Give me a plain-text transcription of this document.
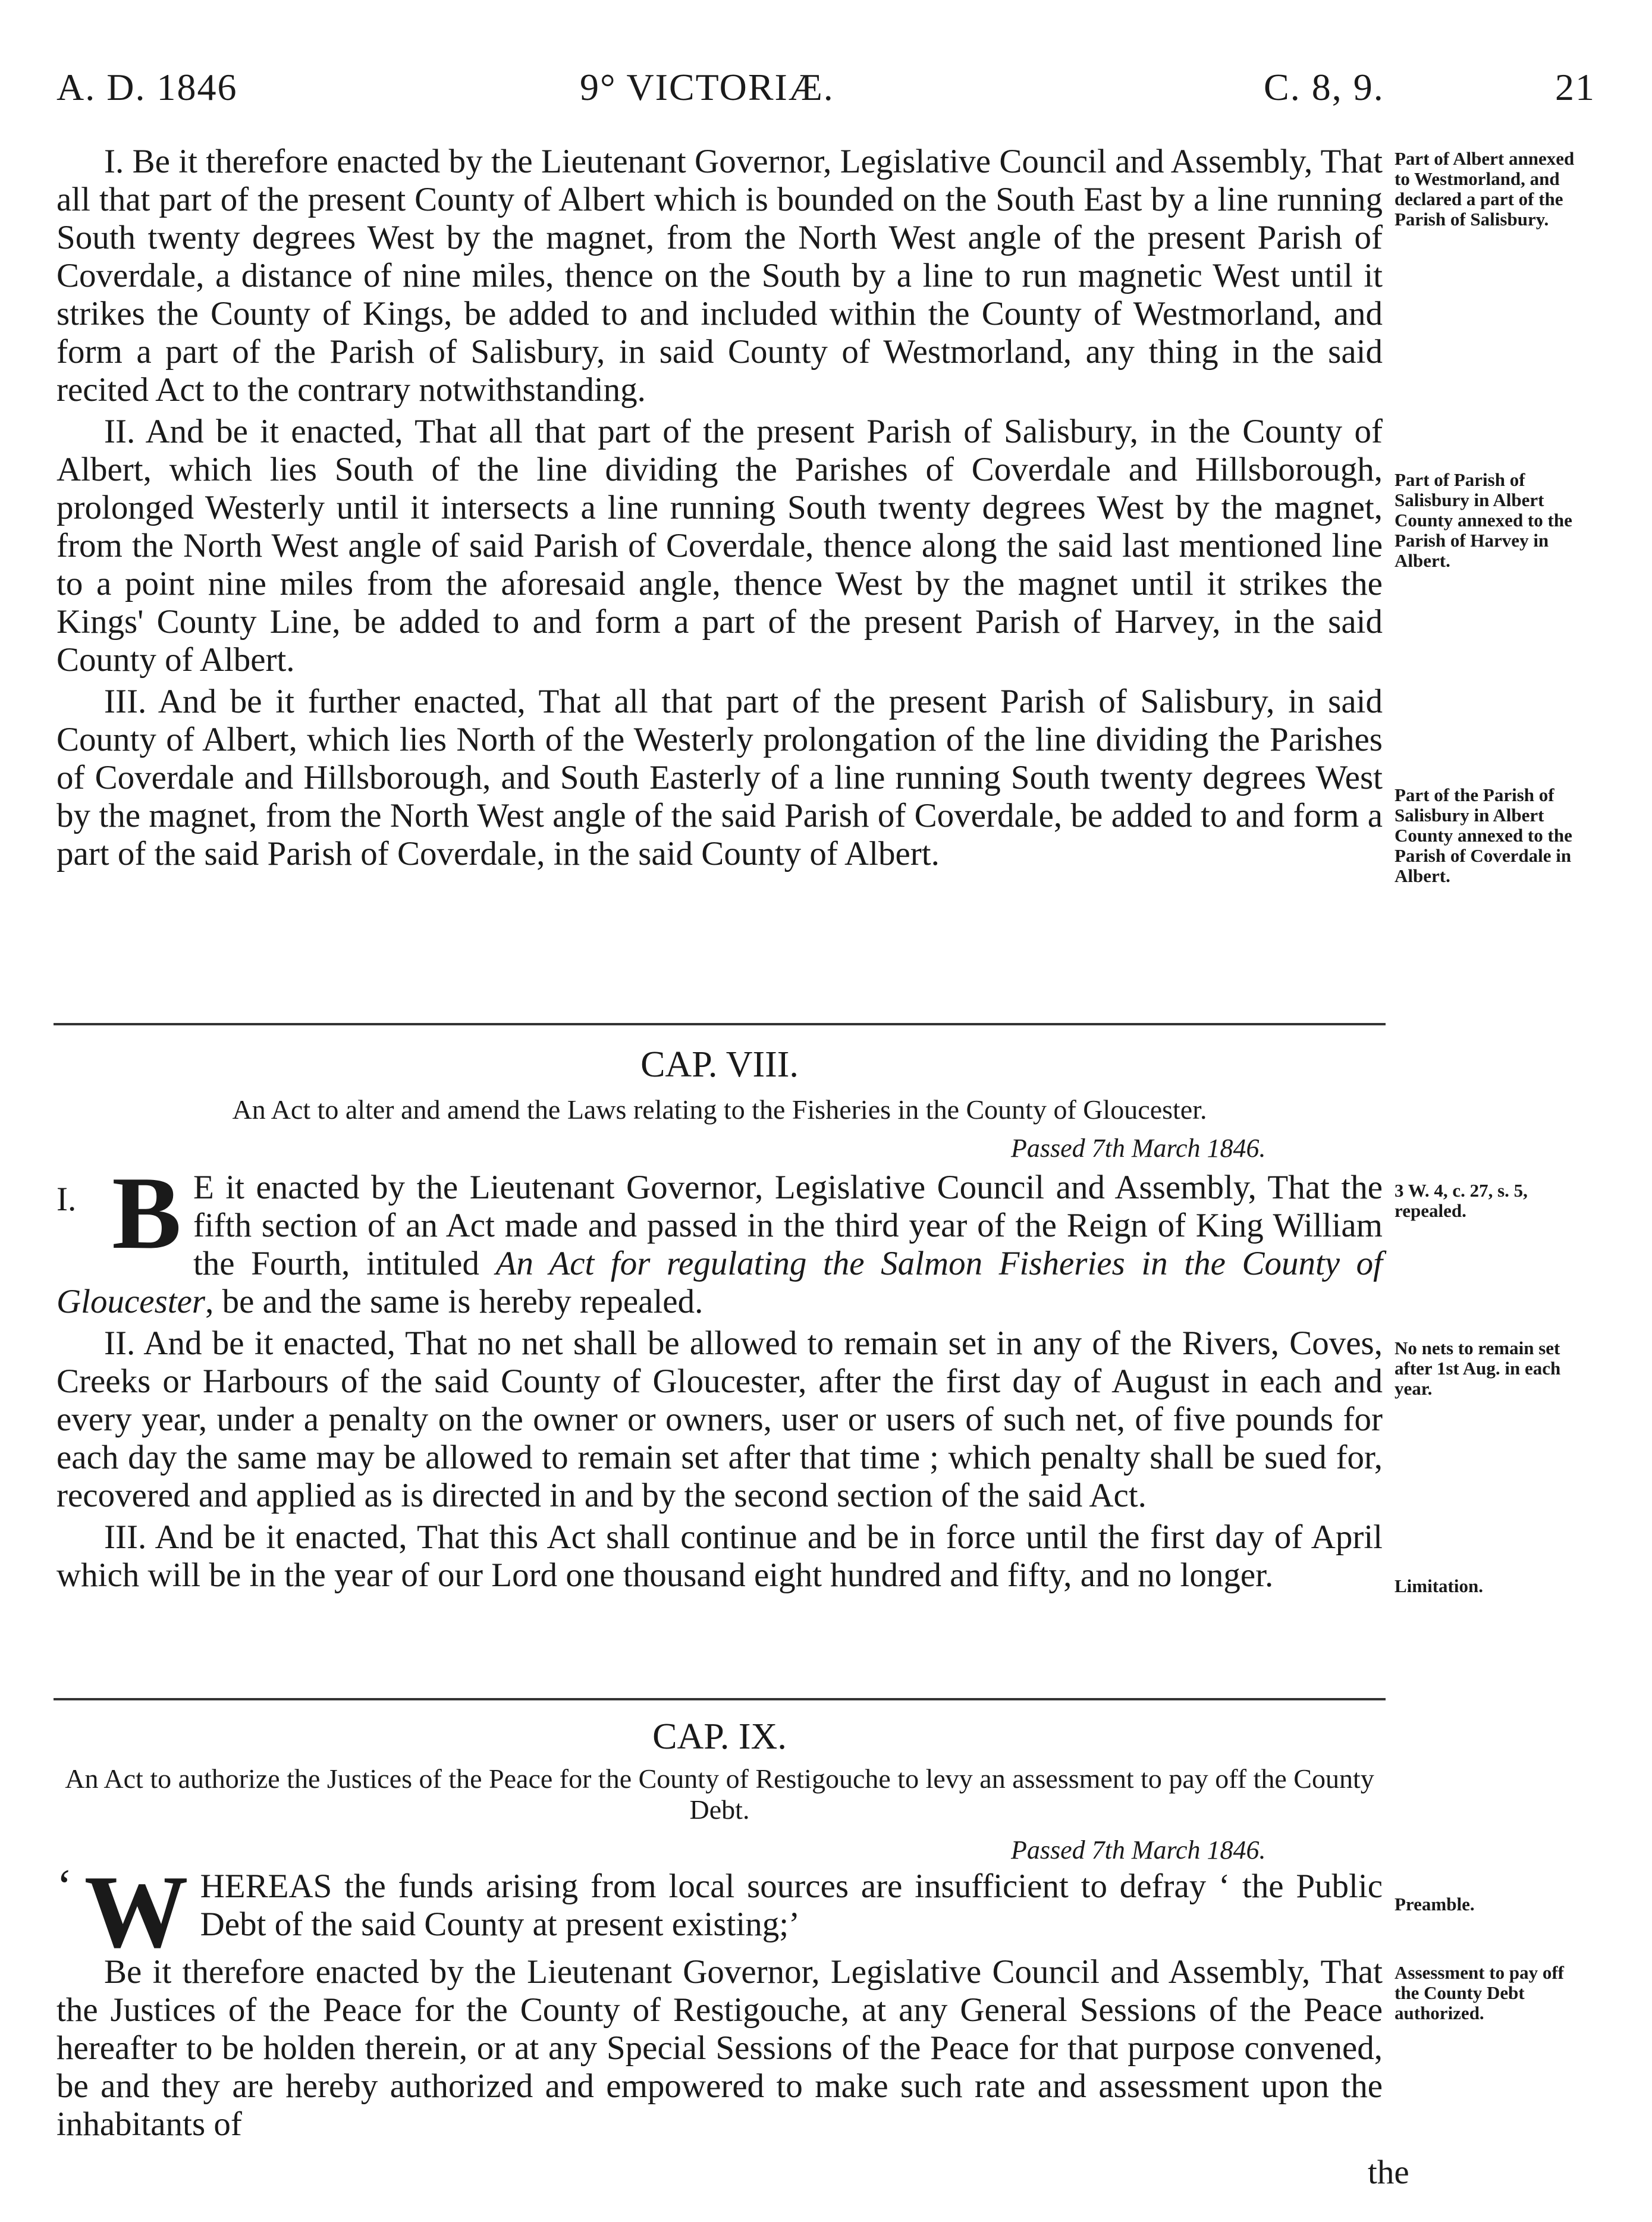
A. D. 1846	9° VICTORIÆ.	C. 8, 9.	21

I. Be it therefore enacted by the Lieutenant Governor, Legislative Council and Assembly, That all that part of the present County of Albert which is bounded on the South East by a line running South twenty degrees West by the magnet, from the North West angle of the present Parish of Coverdale, a distance of nine miles, thence on the South by a line to run magnetic West until it strikes the County of Kings, be added to and included within the County of Westmorland, and form a part of the Parish of Salisbury, in said County of Westmorland, any thing in the said recited Act to the contrary notwithstanding.

II. And be it enacted, That all that part of the present Parish of Salisbury, in the County of Albert, which lies South of the line dividing the Parishes of Coverdale and Hillsborough, prolonged Westerly until it intersects a line running South twenty degrees West by the magnet, from the North West angle of said Parish of Coverdale, thence along the said last mentioned line to a point nine miles from the aforesaid angle, thence West by the magnet until it strikes the Kings' County Line, be added to and form a part of the present Parish of Harvey, in the said County of Albert.

III. And be it further enacted, That all that part of the present Parish of Salisbury, in said County of Albert, which lies North of the Westerly prolongation of the line dividing the Parishes of Coverdale and Hillsborough, and South Easterly of a line running South twenty degrees West by the magnet, from the North West angle of the said Parish of Coverdale, be added to and form a part of the said Parish of Coverdale, in the said County of Albert.

Part of Albert annexed to Westmorland, and declared a part of the Parish of Salisbury.
Part of Parish of Salisbury in Albert County annexed to the Parish of Harvey in Albert.
Part of the Parish of Salisbury in Albert County annexed to the Parish of Coverdale in Albert.
CAP. VIII.
An Act to alter and amend the Laws relating to the Fisheries in the County of Gloucester.
Passed 7th March 1846.

I. B E it enacted by the Lieutenant Governor, Legislative Council and Assembly, That the fifth section of an Act made and passed in the third year of the Reign of King William the Fourth, intituled An Act for regulating the Salmon Fisheries in the County of Gloucester, be and the same is hereby repealed.

II. And be it enacted, That no net shall be allowed to remain set in any of the Rivers, Coves, Creeks or Harbours of the said County of Gloucester, after the first day of August in each and every year, under a penalty on the owner or owners, user or users of such net, of five pounds for each day the same may be allowed to remain set after that time ; which penalty shall be sued for, recovered and applied as is directed in and by the second section of the said Act.

III. And be it enacted, That this Act shall continue and be in force until the first day of April which will be in the year of our Lord one thousand eight hundred and fifty, and no longer.

3 W. 4, c. 27, s. 5, repealed.
No nets to remain set after 1st Aug. in each year.
Limitation.
CAP. IX.
An Act to authorize the Justices of the Peace for the County of Restigouche to levy an assessment to pay off the County Debt.
Passed 7th March 1846.

‘ W HEREAS the funds arising from local sources are insufficient to defray ‘ the Public Debt of the said County at present existing;’

Be it therefore enacted by the Lieutenant Governor, Legislative Council and Assembly, That the Justices of the Peace for the County of Restigouche, at any General Sessions of the Peace hereafter to be holden therein, or at any Special Sessions of the Peace for that purpose convened, be and they are hereby authorized and empowered to make such rate and assessment upon the inhabitants of

Preamble.
Assessment to pay off the County Debt authorized.
the
